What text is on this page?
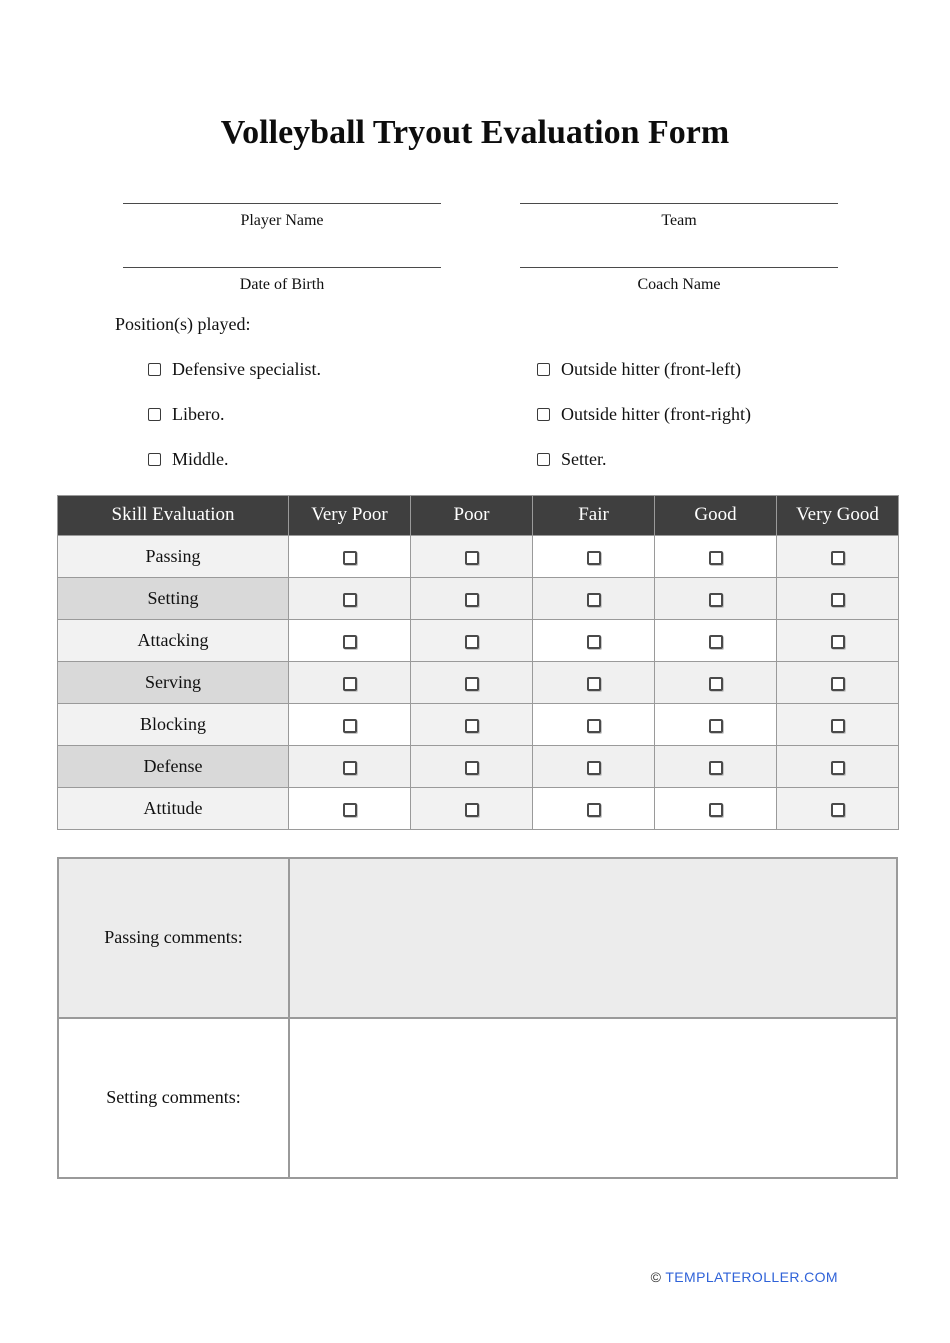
Volleyball Tryout Evaluation Form
Player Name	Team
Date of Birth	Coach Name
Position(s) played:
Defensive specialist.	Outside hitter (front-left)
Libero.	Outside hitter (front-right)
Middle.	Setter.
Skill Evaluation	Very Poor	Poor	Fair	Good	Very Good
Passing					
Setting					
Attacking					
Serving					
Blocking					
Defense					
Attitude					
Passing comments:	
Setting comments:	
© TEMPLATEROLLER.COM
